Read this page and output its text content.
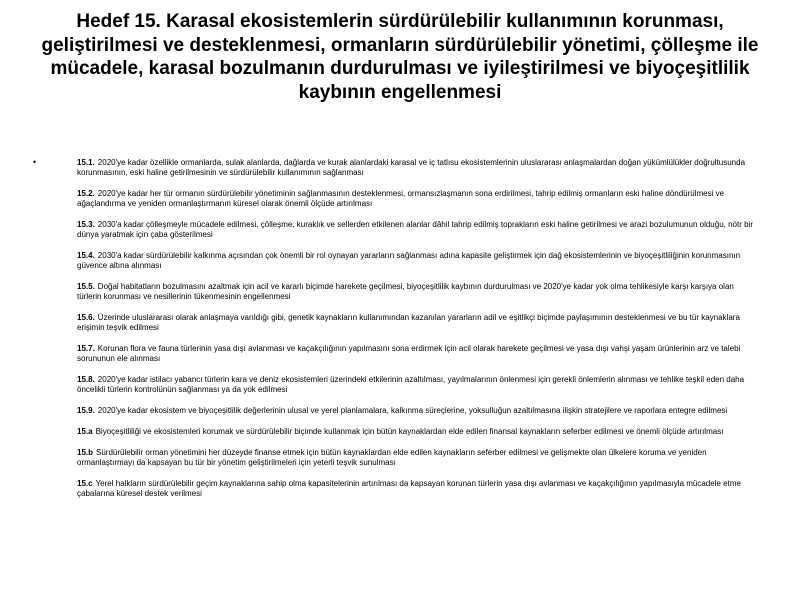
Hedef 15. Karasal ekosistemlerin sürdürülebilir kullanımının korunması, geliştirilmesi ve desteklenmesi, ormanların sürdürülebilir yönetimi, çölleşme ile mücadele, karasal bozulmanın durdurulması ve iyileştirilmesi ve biyoçeşitlilik kaybının engellenmesi
•	15.1. 2020'ye kadar özellikle ormanlarda, sulak alanlarda, dağlarda ve kurak alanlardaki karasal ve iç tatlısu ekosistemlerinin uluslararası anlaşmalardan doğan yükümlülükler doğrultusunda korunmasının, eski haline getirilmesinin ve sürdürülebilir kullanımının sağlanması
15.2. 2020'ye kadar her tür ormanın sürdürülebilir yönetiminin sağlanmasının desteklenmesi, ormansızlaşmanın sona erdirilmesi, tahrip edilmiş ormanların eski haline döndürülmesi ve ağaçlandırma ve yeniden ormanlaştırmanın küresel olarak önemli ölçüde artırılması
15.3. 2030'a kadar çölleşmeyle mücadele edilmesi, çölleşme, kuraklık ve sellerden etkilenen alanlar dâhil tahrip edilmiş toprakların eski haline getirilmesi ve arazi bozulumunun olduğu, nötr bir dünya yaratmak için çaba gösterilmesi
15.4. 2030'a kadar sürdürülebilir kalkınma açısından çok önemli bir rol oynayan yararların sağlanması adına kapasite geliştirmek için dağ ekosistemlerinin ve biyoçeşitliliğinin korunmasının güvence altına alınması
15.5. Doğal habitatların bozulmasını azaltmak için acil ve kararlı biçimde harekete geçilmesi, biyoçeşitlilik kaybının durdurulması ve 2020'ye kadar yok olma tehlikesiyle karşı karşıya olan türlerin korunması ve nesillerinin tükenmesinin engellenmesi
15.6. Üzerinde uluslararası olarak anlaşmaya varıldığı gibi, genetik kaynakların kullanımından kazanılan yararların adil ve eşitlikçi biçimde paylaşımının desteklenmesi ve bu tür kaynaklara erişimin teşvik edilmesi
15.7. Korunan flora ve fauna türlerinin yasa dışı avlanması ve kaçakçılığının yapılmasını sona erdirmek için acil olarak harekete geçilmesi ve yasa dışı vahşi yaşam ürünlerinin arz ve talebi sorununun ele alınması
15.8. 2020'ye kadar istilacı yabancı türlerin kara ve deniz ekosistemleri üzerindeki etkilerinin azaltılması, yayılmalarının önlenmesi için gerekli önlemlerin alınması ve tehlike teşkil eden daha öncelikli türlerin kontrolünün sağlanması ya da yok edilmesi
15.9. 2020'ye kadar ekosistem ve biyoçeşitlilik değerlerinin ulusal ve yerel planlamalara, kalkınma süreçlerine, yoksulluğun azaltılmasına ilişkin stratejilere ve raporlara entegre edilmesi
15.a Biyoçeşitliliği ve ekosistemleri korumak ve sürdürülebilir biçimde kullanmak için bütün kaynaklardan elde edilen finansal kaynakların seferber edilmesi ve önemli ölçüde artırılması
15.b Sürdürülebilir orman yönetimini her düzeyde finanse etmek için bütün kaynaklardan elde edilen kaynakların seferber edilmesi ve gelişmekte olan ülkelere koruma ve yeniden ormanlaştırmayı da kapsayan bu tür bir yönetim geliştirilmeleri için yeterli teşvik sunulması
15.c Yerel halkların sürdürülebilir geçim kaynaklarına sahip olma kapasitelerinin artırılması da kapsayan korunan türlerin yasa dışı avlanması ve kaçakçılığının yapılmasıyla mücadele etme çabalarına küresel destek verilmesi
